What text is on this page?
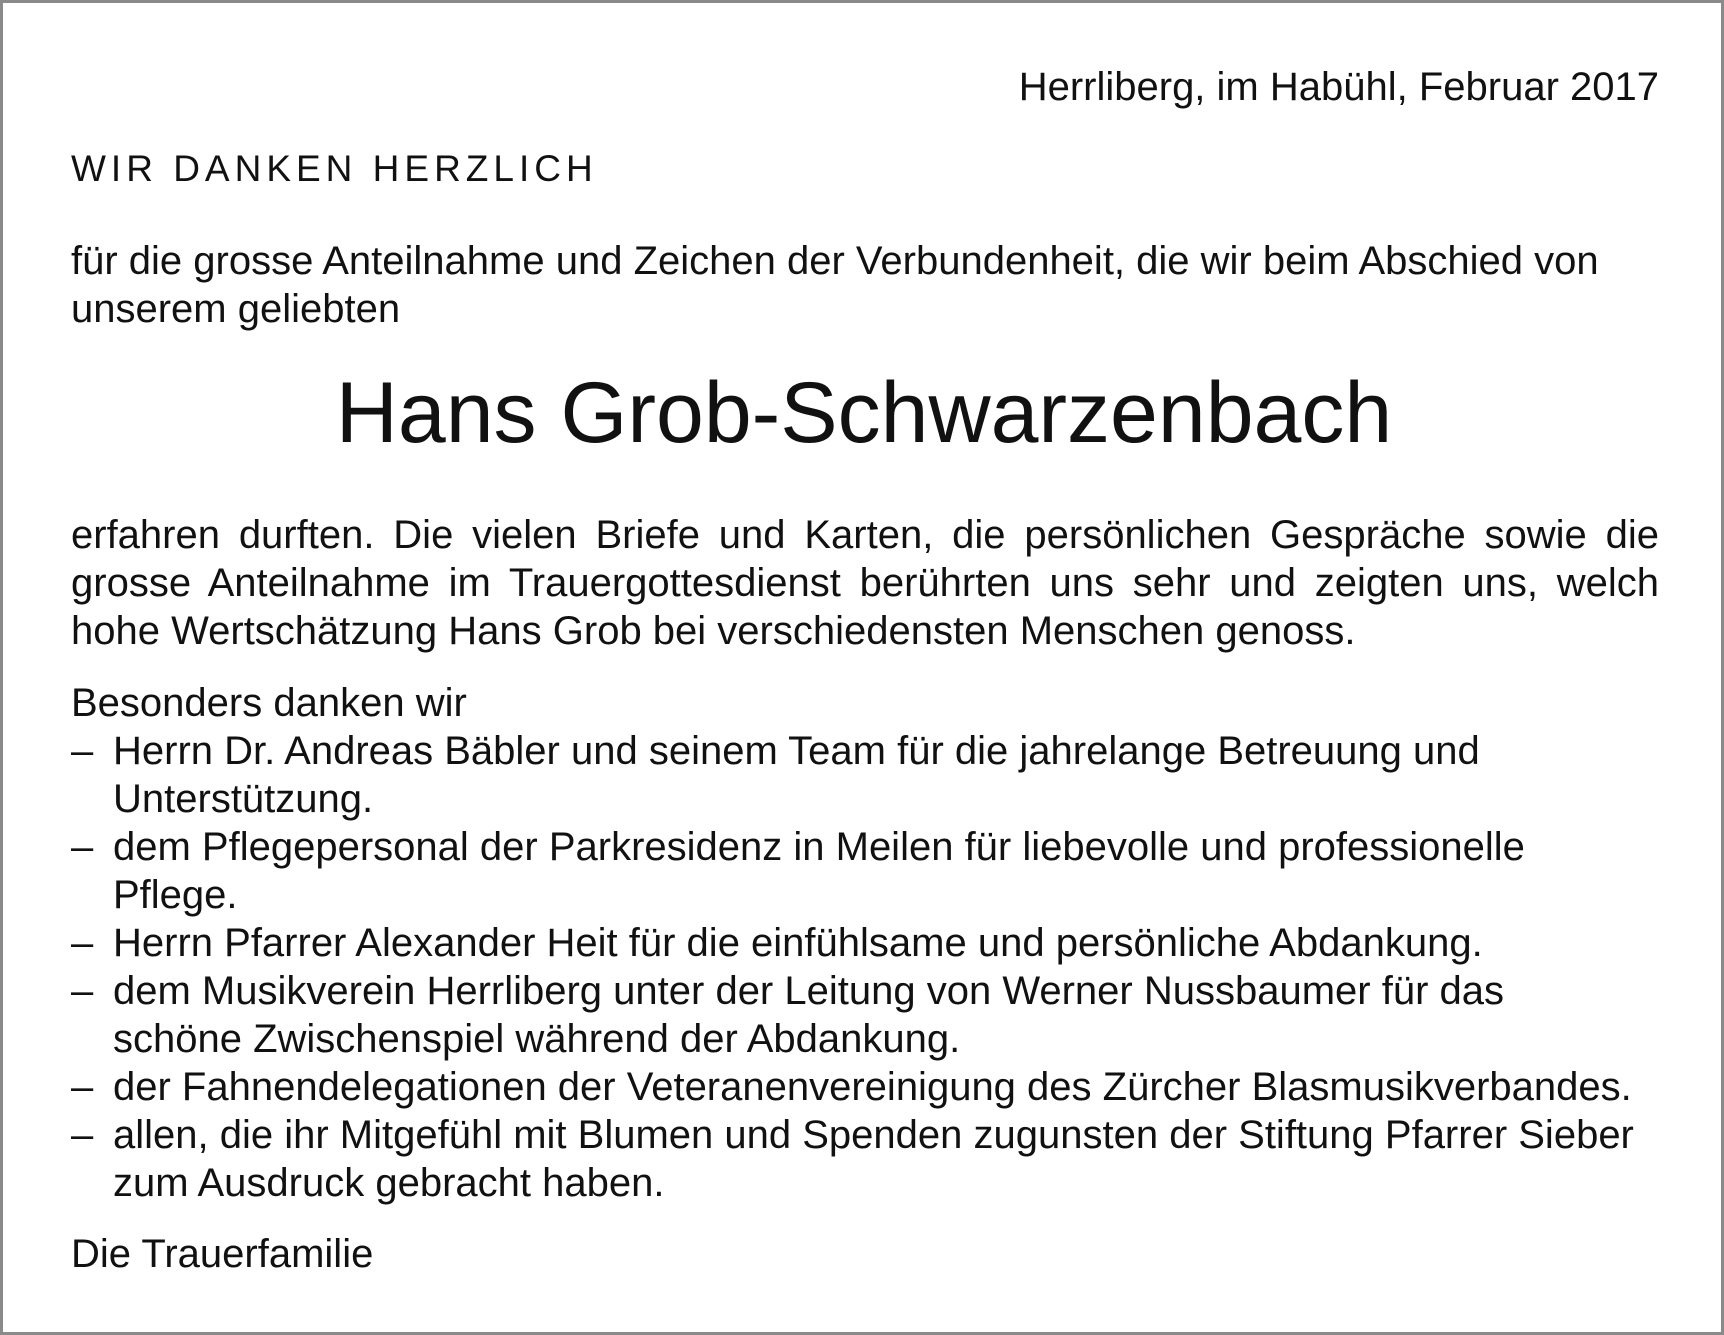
Herrliberg, im Habühl, Februar 2017
WIR DANKEN HERZLICH
für die grosse Anteilnahme und Zeichen der Verbundenheit, die wir beim Abschied von
unserem geliebten
Hans Grob-Schwarzenbach
erfahren durften. Die vielen Briefe und Karten, die persönlichen Gespräche sowie die
grosse Anteilnahme im Trauergottesdienst berührten uns sehr und zeigten uns, welch
hohe Wertschätzung Hans Grob bei verschiedensten Menschen genoss.
Besonders danken wir
– Herrn Dr. Andreas Bäbler und seinem Team für die jahrelange Betreuung und
Unterstützung.
– dem Pflegepersonal der Parkresidenz in Meilen für liebevolle und professionelle
Pflege.
– Herrn Pfarrer Alexander Heit für die einfühlsame und persönliche Abdankung.
– dem Musikverein Herrliberg unter der Leitung von Werner Nussbaumer für das
schöne Zwischenspiel während der Abdankung.
– der Fahnendelegationen der Veteranenvereinigung des Zürcher Blasmusikverbandes.
– allen, die ihr Mitgefühl mit Blumen und Spenden zugunsten der Stiftung Pfarrer Sieber
zum Ausdruck gebracht haben.
Die Trauerfamilie
